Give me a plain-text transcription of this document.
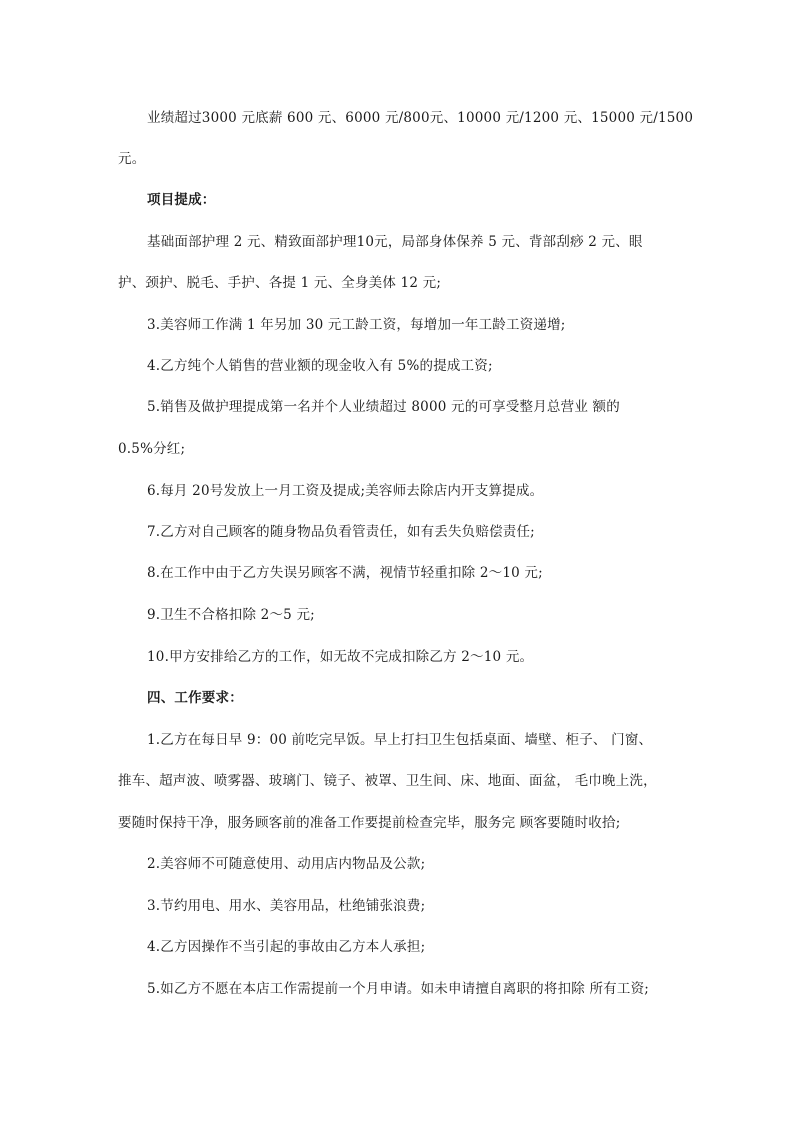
业绩超过3000 元底薪 600 元、6000 元/800元、10000 元/1200 元、15000 元/1500
元。
项目提成：
基础面部护理 2 元、精致面部护理10元，局部身体保养 5 元、背部刮痧 2 元、眼
护、颈护、脱毛、手护、各提 1 元、全身美体 12 元;
3.美容师工作满 1 年另加 30 元工龄工资，每增加一年工龄工资递增;
4.乙方纯个人销售的营业额的现金收入有 5%的提成工资;
5.销售及做护理提成第一名并个人业绩超过 8000 元的可享受整月总营业 额的
0.5%分红;
6.每月 20号发放上一月工资及提成;美容师去除店内开支算提成。
7.乙方对自己顾客的随身物品负看管责任，如有丢失负赔偿责任;
8.在工作中由于乙方失误另顾客不满，视情节轻重扣除 2～10 元;
9.卫生不合格扣除 2～5 元;
10.甲方安排给乙方的工作，如无故不完成扣除乙方 2～10 元。
四、工作要求：
1.乙方在每日早 9：00 前吃完早饭。早上打扫卫生包括桌面、墙壁、柜子、 门窗、
推车、超声波、喷雾器、玻璃门、镜子、被罩、卫生间、床、地面、面盆， 毛巾晚上洗，
要随时保持干净，服务顾客前的准备工作要提前检查完毕，服务完 顾客要随时收拾;
2.美容师不可随意使用、动用店内物品及公款;
3.节约用电、用水、美容用品，杜绝铺张浪费;
4.乙方因操作不当引起的事故由乙方本人承担;
5.如乙方不愿在本店工作需提前一个月申请。如未申请擅自离职的将扣除 所有工资;
